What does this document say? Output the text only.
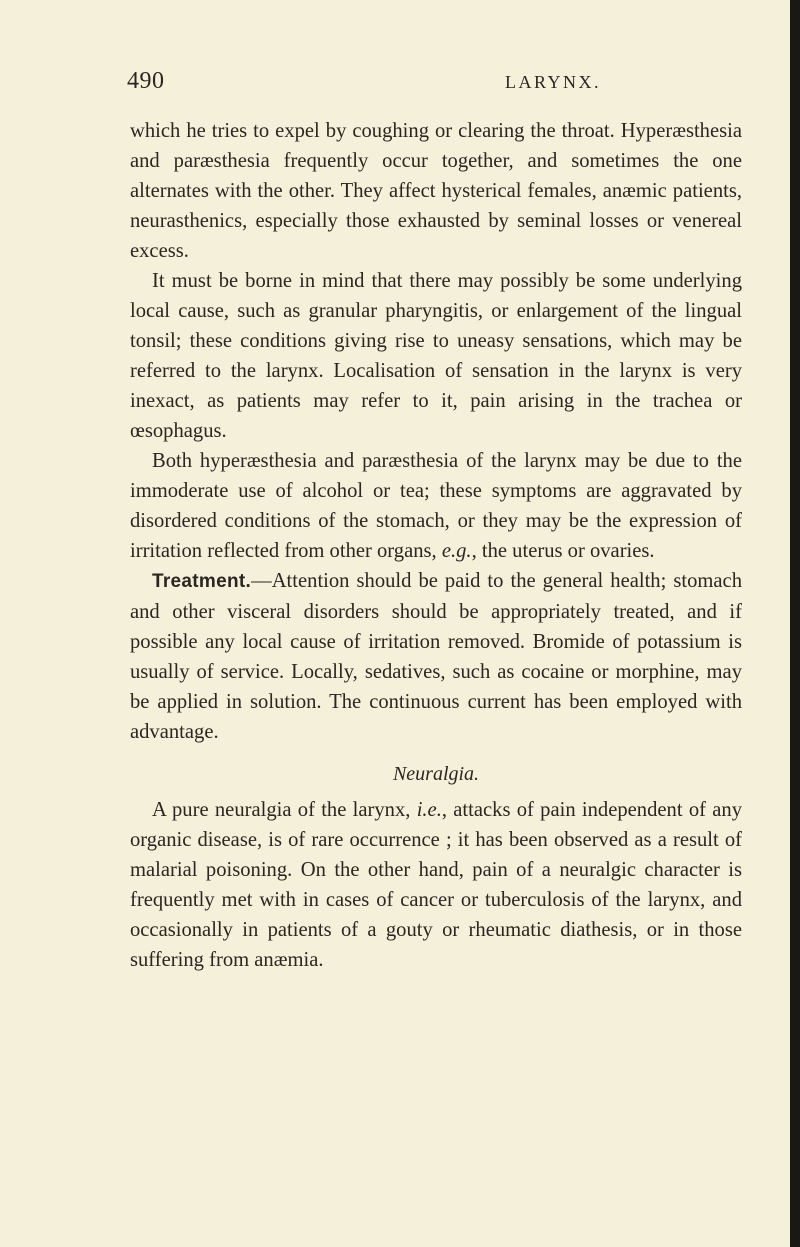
490	LARYNX.

which he tries to expel by coughing or clearing the throat. Hyperæsthesia and paræsthesia frequently occur together, and sometimes the one alternates with the other. They affect hysterical females, anæmic patients, neurasthenics, especially those exhausted by seminal losses or venereal excess.

It must be borne in mind that there may possibly be some underlying local cause, such as granular pharyngitis, or enlargement of the lingual tonsil; these conditions giving rise to uneasy sensations, which may be referred to the larynx. Localisation of sensation in the larynx is very inexact, as patients may refer to it, pain arising in the trachea or œsophagus.

Both hyperæsthesia and paræsthesia of the larynx may be due to the immoderate use of alcohol or tea; these symptoms are aggravated by disordered conditions of the stomach, or they may be the expression of irritation reflected from other organs, e.g., the uterus or ovaries.

Treatment.—Attention should be paid to the general health; stomach and other visceral disorders should be appropriately treated, and if possible any local cause of irritation removed. Bromide of potassium is usually of service. Locally, sedatives, such as cocaine or morphine, may be applied in solution. The continuous current has been employed with advantage.

Neuralgia.

A pure neuralgia of the larynx, i.e., attacks of pain independent of any organic disease, is of rare occurrence ; it has been observed as a result of malarial poisoning. On the other hand, pain of a neuralgic character is frequently met with in cases of cancer or tuberculosis of the larynx, and occasionally in patients of a gouty or rheumatic diathesis, or in those suffering from anæmia.
